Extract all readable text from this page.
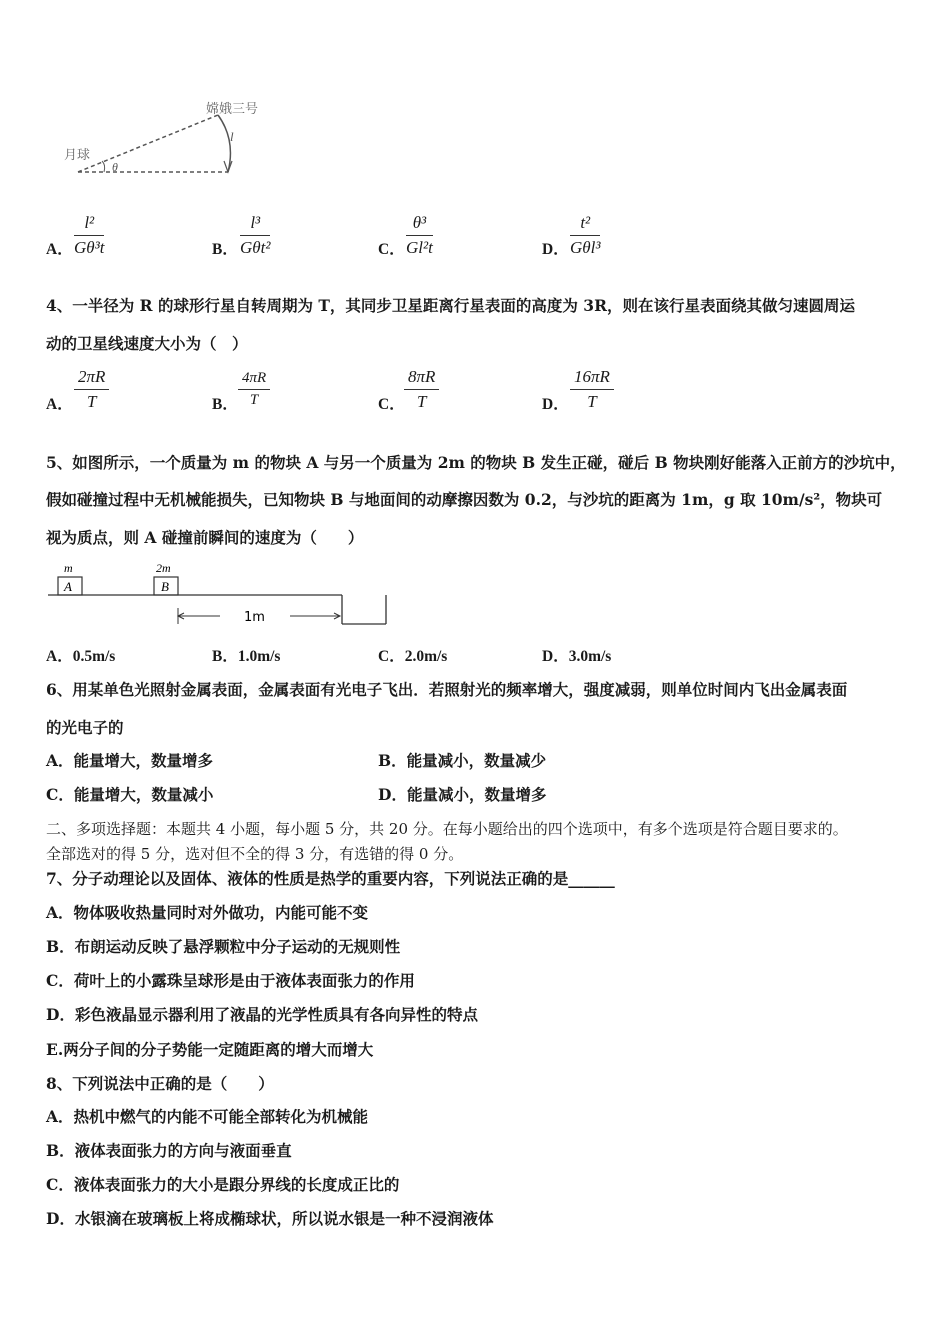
月球
嫦娥三号
l
θ
A． $\frac{\text{l²}}{\text{Gθ³t}}$	B．
l³
Gθt²	C． $\frac{\text{θ³}}{\text{Gl²t}}$	D．
t²
Gθl³
4、一半径为 R 的球形行星自转周期为 T，其同步卫星距离行星表面的高度为 3R，则在该行星表面绕其做匀速圆周运
动的卫星线速度大小为（　）
A． $\frac{2\pi R}{T}$	B． $\frac{4\pi R}{T}$	C． $\frac{8\pi R}{T}$	D． $\frac{16\pi R}{T}$
5、如图所示，一个质量为 m 的物块 A 与另一个质量为 2m 的物块 B 发生正碰，碰后 B 物块刚好能落入正前方的沙坑中，
假如碰撞过程中无机械能损失，已知物块 B 与地面间的动摩擦因数为 0.2，与沙坑的距离为 1m，g 取 10m/s²，物块可
视为质点，则 A 碰撞前瞬间的速度为（　　）
m
A
2m
B
1m
A．0.5m/s	B．1.0m/s	C．2.0m/s	D．3.0m/s
6、用某单色光照射金属表面，金属表面有光电子飞出．若照射光的频率增大，强度减弱，则单位时间内飞出金属表面
的光电子的
A．能量增大，数量增多	B．能量减小，数量减少
C．能量增大，数量减小	D．能量减小，数量增多
二、多项选择题：本题共 4 小题，每小题 5 分，共 20 分。在每小题给出的四个选项中，有多个选项是符合题目要求的。
全部选对的得 5 分，选对但不全的得 3 分，有选错的得 0 分。
7、分子动理论以及固体、液体的性质是热学的重要内容，下列说法正确的是______
A．物体吸收热量同时对外做功，内能可能不变
B．布朗运动反映了悬浮颗粒中分子运动的无规则性
C．荷叶上的小露珠呈球形是由于液体表面张力的作用
D．彩色液晶显示器利用了液晶的光学性质具有各向异性的特点
E.两分子间的分子势能一定随距离的增大而增大
8、下列说法中正确的是（　　）
A．热机中燃气的内能不可能全部转化为机械能
B．液体表面张力的方向与液面垂直
C．液体表面张力的大小是跟分界线的长度成正比的
D．水银滴在玻璃板上将成椭球状，所以说水银是一种不浸润液体
